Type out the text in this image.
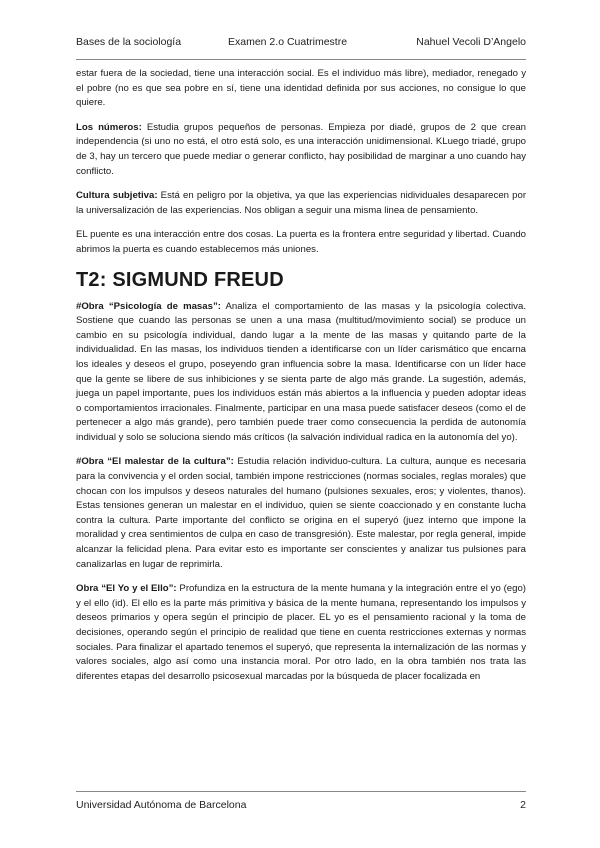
Bases de la sociología	Examen 2.o Cuatrimestre	Nahuel Vecoli D’Angelo

estar fuera de la sociedad, tiene una interacción social. Es el individuo más libre), mediador, renegado y el pobre (no es que sea pobre en sí, tiene una identidad definida por sus acciones, no consigue lo que quiere.

Los números: Estudia grupos pequeños de personas. Empieza por diadé, grupos de 2 que crean independencia (si uno no está, el otro está solo, es una interacción unidimensional. KLuego triadé, grupo de 3, hay un tercero que puede mediar o generar conflicto, hay posibilidad de marginar a uno cuando hay conflicto.

Cultura subjetiva: Está en peligro por la objetiva, ya que las experiencias nidividuales desaparecen por la universalización de las experiencias. Nos obligan a seguir una misma linea de pensamiento.

EL puente es una interacción entre dos cosas. La puerta es la frontera entre seguridad y libertad. Cuando abrimos la puerta es cuando establecemos más uniones.

T2: SIGMUND FREUD

#Obra “Psicología de masas”: Analiza el comportamiento de las masas y la psicología colectiva. Sostiene que cuando las personas se unen a una masa (multitud/movimiento social) se produce un cambio en su psicología individual, dando lugar a la mente de las masas y quitando parte de la individualidad. En las masas, los individuos tienden a identificarse con un líder carismático que encarna los ideales y deseos el grupo, poseyendo gran influencia sobre la masa. Identificarse con un líder hace que la gente se libere de sus inhibiciones y se sienta parte de algo más grande. La sugestión, además, juega un papel importante, pues los individuos están más abiertos a la influencia y pueden adoptar ideas o comportamientos irracionales. Finalmente, participar en una masa puede satisfacer deseos (como el de pertenecer a algo más grande), pero también puede traer como consecuencia la perdida de autonomía individual y solo se soluciona siendo más críticos (la salvación individual radica en la autonomía del yo).

#Obra “El malestar de la cultura”: Estudia relación individuo-cultura. La cultura, aunque es necesaria para la convivencia y el orden social, también impone restricciones (normas sociales, reglas morales) que chocan con los impulsos y deseos naturales del humano (pulsiones sexuales, eros; y violentes, thanos). Estas tensiones generan un malestar en el individuo, quien se siente coaccionado y en constante lucha contra la cultura. Parte importante del conflicto se origina en el superyó (juez interno que impone la moralidad y crea sentimientos de culpa en caso de transgresión). Este malestar, por regla general, impide alcanzar la felicidad plena. Para evitar esto es importante ser conscientes y analizar tus pulsiones para canalizarlas en lugar de reprimirla.

Obra “El Yo y el Ello”: Profundiza en la estructura de la mente humana y la integración entre el yo (ego) y el ello (id). El ello es la parte más primitiva y básica de la mente humana, representando los impulsos y deseos primarios y opera según el principio de placer. EL yo es el pensamiento racional y la toma de decisiones, operando según el principio de realidad que tiene en cuenta restricciones externas y normas sociales. Para finalizar el apartado tenemos el superyó, que representa la internalización de las normas y valores sociales, algo así como una instancia moral. Por otro lado, en la obra también nos trata las diferentes etapas del desarrollo psicosexual marcadas por la búsqueda de placer focalizada en

Universidad Autónoma de Barcelona	2
